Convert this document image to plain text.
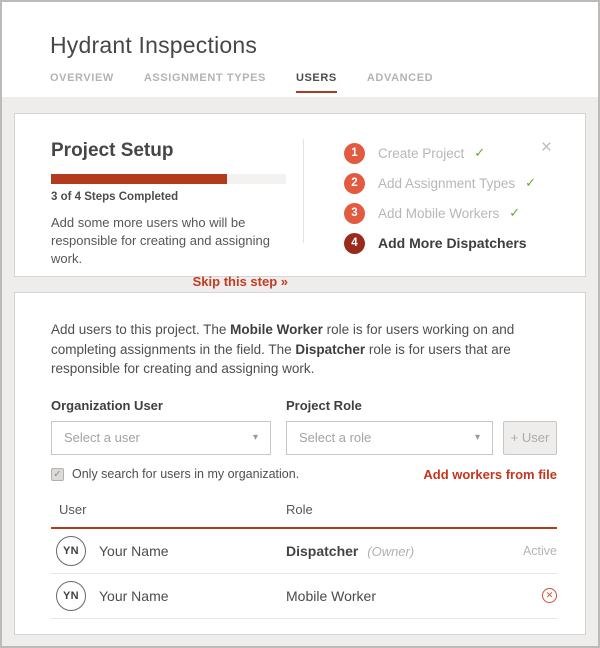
Hydrant Inspections
OVERVIEW	ASSIGNMENT TYPES	USERS	ADVANCED
Project Setup
3 of 4 Steps Completed

Add some more users who will be responsible for creating and assigning work.

Skip this step »
1	Create Project ✓
2	Add Assignment Types ✓
3	Add Mobile Workers ✓
4	Add More Dispatchers
×

Add users to this project. The Mobile Worker role is for users working on and completing assignments in the field. The Dispatcher role is for users that are responsible for creating and assigning work.

Organization User
Select a user	▾
Project Role
Select a role	▾	+ User
✓ Only search for users in my organization.	Add workers from file
User	Role
YN	Your Name	Dispatcher (Owner)	Active
YN	Your Name	Mobile Worker	✕
